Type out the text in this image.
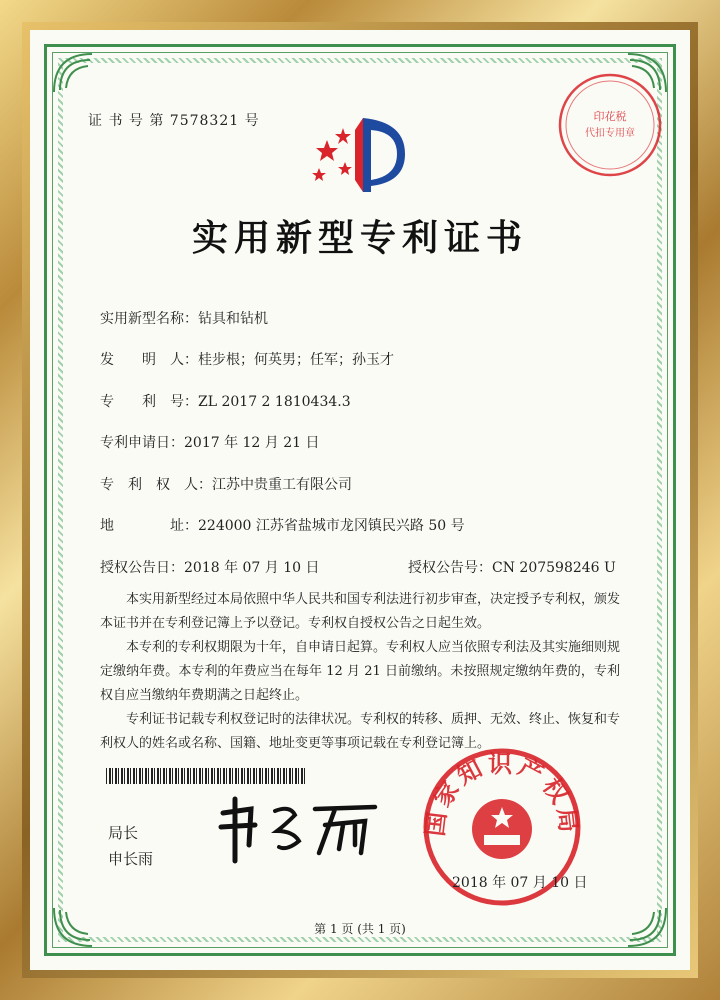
证 书 号 第 7578321 号
实用新型专利证书
印花税
代扣专用章
实用新型名称：钻具和钻机
发　　明　人：桂步根；何英男；任军；孙玉才
专　　利　号：ZL 2017 2 1810434.3
专利申请日：2017 年 12 月 21 日
专　利　权　人：江苏中贵重工有限公司
地　　　　址：224000 江苏省盐城市龙冈镇民兴路 50 号
授权公告日：2018 年 07 月 10 日	授权公告号：CN 207598246 U
本实用新型经过本局依照中华人民共和国专利法进行初步审查，决定授予专利权，颁发本证书并在专利登记簿上予以登记。专利权自授权公告之日起生效。
本专利的专利权期限为十年，自申请日起算。专利权人应当依照专利法及其实施细则规定缴纳年费。本专利的年费应当在每年 12 月 21 日前缴纳。未按照规定缴纳年费的，专利权自应当缴纳年费期满之日起终止。
专利证书记载专利权登记时的法律状况。专利权的转移、质押、无效、终止、恢复和专利权人的姓名或名称、国籍、地址变更等事项记载在专利登记簿上。
局长
申长雨
国家知识产权局
2018 年 07 月 10 日
第 1 页 (共 1 页)
